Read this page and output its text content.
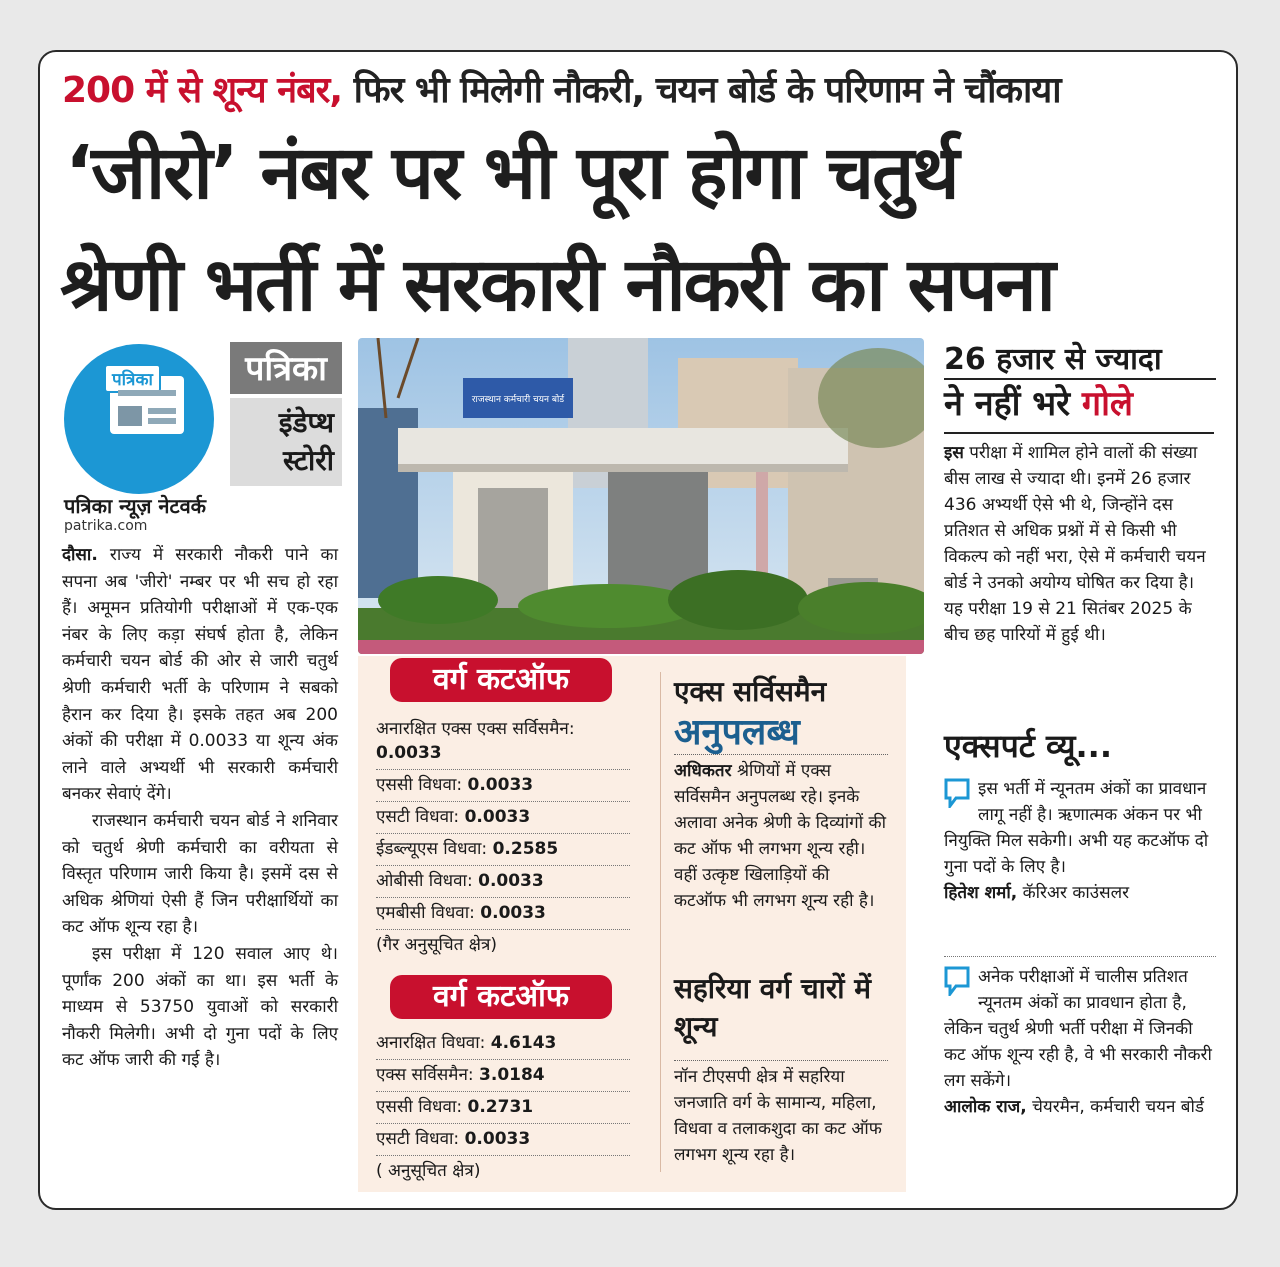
200 में से शून्य नंबर, फिर भी मिलेगी नौकरी, चयन बोर्ड के परिणाम ने चौंकाया
‘जीरो’ नंबर पर भी पूरा होगा चतुर्थ
श्रेणी भर्ती में सरकारी नौकरी का सपना
पत्रिका	पत्रिका
इंडेप्थ
स्टोरी
पत्रिका न्यूज़ नेटवर्क
patrika.com

दौसा. राज्य में सरकारी नौकरी पाने का सपना अब 'जीरो' नम्बर पर भी सच हो रहा हैं। अमूमन प्रतियोगी परीक्षाओं में एक-एक नंबर के लिए कड़ा संघर्ष होता है, लेकिन कर्मचारी चयन बोर्ड की ओर से जारी चतुर्थ श्रेणी कर्मचारी भर्ती के परिणाम ने सबको हैरान कर दिया है। इसके तहत अब 200 अंकों की परीक्षा में 0.0033 या शून्य अंक लाने वाले अभ्यर्थी भी सरकारी कर्मचारी बनकर सेवाएं देंगे।

राजस्थान कर्मचारी चयन बोर्ड ने शनिवार को चतुर्थ श्रेणी कर्मचारी का वरीयता से विस्तृत परिणाम जारी किया है। इसमें दस से अधिक श्रेणियां ऐसी हैं जिन परीक्षार्थियों का कट ऑफ शून्य रहा है।

इस परीक्षा में 120 सवाल आए थे। पूर्णांक 200 अंकों का था। इस भर्ती के माध्यम से 53750 युवाओं को सरकारी नौकरी मिलेगी। अभी दो गुना पदों के लिए कट ऑफ जारी की गई है।

राजस्थान कर्मचारी चयन बोर्ड
वर्ग कटऑफ
अनारक्षित एक्स एक्स सर्विसमैन:
0.0033
एससी विधवा: 0.0033
एसटी विधवा: 0.0033
ईडब्ल्यूएस विधवा: 0.2585
ओबीसी विधवा: 0.0033
एमबीसी विधवा: 0.0033
(गैर अनुसूचित क्षेत्र)
वर्ग कटऑफ
अनारक्षित विधवा: 4.6143
एक्स सर्विसमैन: 3.0184
एससी विधवा: 0.2731
एसटी विधवा: 0.0033
( अनुसूचित क्षेत्र)
एक्स सर्विसमैन
अनुपलब्ध
अधिकतर श्रेणियों में एक्स सर्विसमैन अनुपलब्ध रहे। इनके अलावा अनेक श्रेणी के दिव्यांगों की कट ऑफ भी लगभग शून्य रही। वहीं उत्कृष्ट खिलाड़ियों की कटऑफ भी लगभग शून्य रही है।
सहरिया वर्ग चारों में शून्य
नॉन टीएसपी क्षेत्र में सहरिया जनजाति वर्ग के सामान्य, महिला, विधवा व तलाकशुदा का कट ऑफ लगभग शून्य रहा है।
26 हजार से ज्यादा
ने नहीं भरे गोले
इस परीक्षा में शामिल होने वालों की संख्या बीस लाख से ज्यादा थी। इनमें 26 हजार 436 अभ्यर्थी ऐसे भी थे, जिन्होंने दस प्रतिशत से अधिक प्रश्नों में से किसी भी विकल्प को नहीं भरा, ऐसे में कर्मचारी चयन बोर्ड ने उनको अयोग्य घोषित कर दिया है। यह परीक्षा 19 से 21 सितंबर 2025 के बीच छह पारियों में हुई थी।
एक्सपर्ट व्यू...
इस भर्ती में न्यूनतम अंकों का प्रावधान लागू नहीं है। ऋणात्मक अंकन पर भी नियुक्ति मिल सकेगी। अभी यह कटऑफ दो गुना पदों के लिए है।
हितेश शर्मा, कॅरिअर काउंसलर
अनेक परीक्षाओं में चालीस प्रतिशत न्यूनतम अंकों का प्रावधान होता है, लेकिन चतुर्थ श्रेणी भर्ती परीक्षा में जिनकी कट ऑफ शून्य रही है, वे भी सरकारी नौकरी लग सकेंगे।
आलोक राज, चेयरमैन, कर्मचारी चयन बोर्ड
